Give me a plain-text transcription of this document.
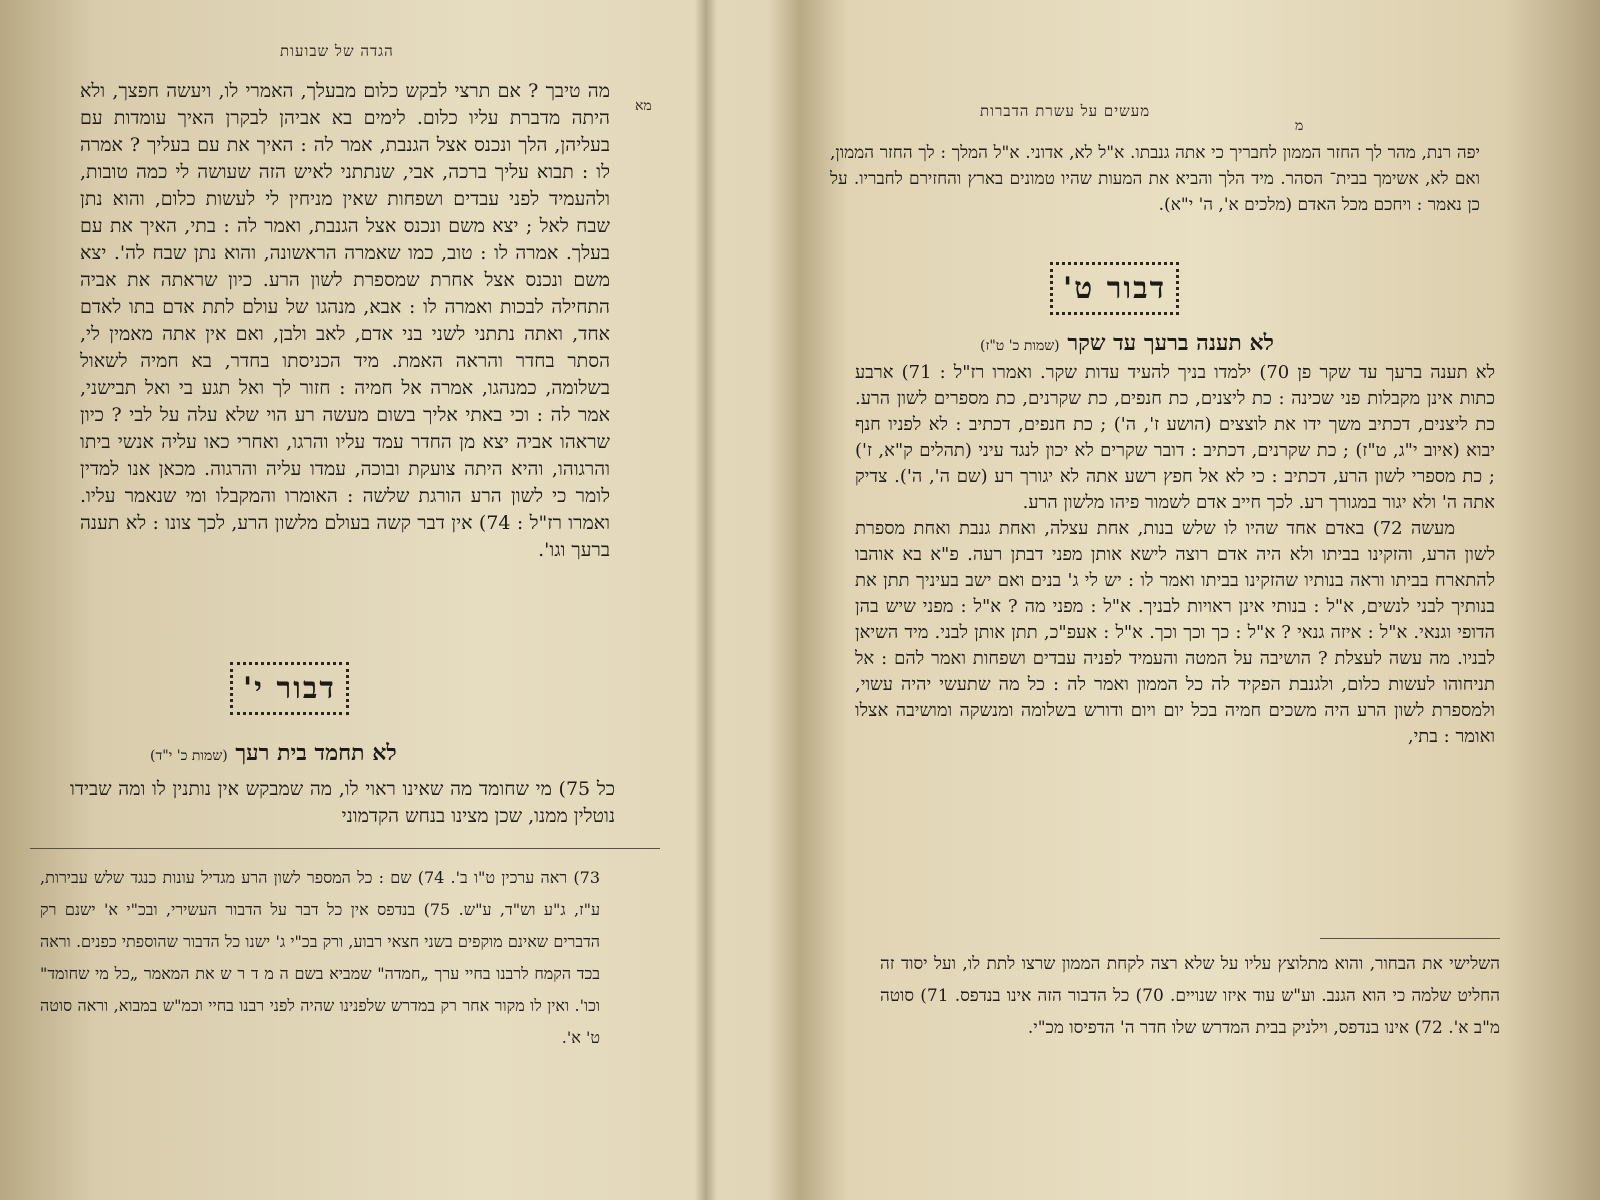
הגדה של שבועות
מא

מה טיבך ? אם תרצי לבקש כלום מבעלך, האמרי לו, ויעשה חפצך, ולא היתה מדברת עליו כלום. לימים בא אביהן לבקרן האיך עומדות עם בעליהן, הלך ונכנס אצל הגנבת, אמר לה : האיך את עם בעליך ? אמרה לו : תבוא עליך ברכה, אבי, שנתתני לאיש הזה שעושה לי כמה טובות, ולהעמיד לפני עבדים ושפחות שאין מניחין לי לעשות כלום, והוא נתן שבח לאל ; יצא משם ונכנס אצל הגנבת, ואמר לה : בתי, האיך את עם בעלך. אמרה לו : טוב, כמו שאמרה הראשונה, והוא נתן שבח לה'. יצא משם ונכנס אצל אחרת שמספרת לשון הרע. כיון שראתה את אביה התחילה לבכות ואמרה לו : אבא, מנהגו של עולם לתת אדם בתו לאדם אחד, ואתה נתתני לשני בני אדם, לאב ולבן, ואם אין אתה מאמין לי, הסתר בחדר והראה האמת. מיד הכניסתו בחדר, בא חמיה לשאול בשלומה, כמנהגו, אמרה אל חמיה : חזור לך ואל תגע בי ואל תבישני, אמר לה : וכי באתי אליך בשום מעשה רע הוי שלא עלה על לבי ? כיון שראהו אביה יצא מן החדר עמד עליו והרגו, ואחרי כאו עליה אנשי ביתו והרגוהו, והיא היתה צועקת ובוכה, עמדו עליה והרגוה. מכאן אנו למדין לומר כי לשון הרע הורגת שלשה : האומרו והמקבלו ומי שנאמר עליו. ואמרו רז"ל : 74) אין דבר קשה בעולם מלשון הרע, לכך צונו : לא תענה ברעך וגו'.

דבור י'
לא תחמד בית רעך (שמות כ' י"ד)
כל 75) מי שחומד מה שאינו ראוי לו, מה שמבקש אין נותנין לו ומה שבידו נוטלין ממנו, שכן מצינו בנחש הקדמוני

73) ראה ערכין ט"ו ב'. 74) שם : כל המספר לשון הרע מגדיל עונות כנגד שלש עבירות, ע"ז, ג"ע וש"ד, ע"ש. 75) בנדפס אין כל דבר על הדבור העשירי, ובכ"י א' ישנם רק הדברים שאינם מוקפים בשני חצאי רבוע, ורק בכ"י ג' ישנו כל הדבור שהוספתי כפנים. וראה בכד הקמח לרבנו בחיי ערך „חמדה" שמביא בשם ה מ ד ר ש את המאמר „כל מי שחומד" וכו'. ואין לו מקור אחר רק במדרש שלפנינו שהיה לפני רבנו בחיי וכמ"ש במבוא, וראה סוטה ט' א'.

מ
מעשים על עשרת הדברות
יפה רנת, מהר לך החזר הממון לחבריך כי אתה גנבתו. א"ל לא, אדוני. א"ל המלך : לך החזר הממון, ואם לא, אשימך בבית־ הסהר. מיד הלך והביא את המעות שהיו טמונים בארץ והחזירם לחבריו. על כן נאמר : ויחכם מכל האדם (מלכים א', ה' י"א).
דבור ט'
לא תענה ברעך עד שקר (שמות כ' ט"ז)

לא תענה ברעך עד שקר פן 70) ילמדו בניך להעיד עדות שקר. ואמרו רז"ל : 71) ארבע כתות אינן מקבלות פני שכינה : כת ליצנים, כת חנפים, כת שקרנים, כת מספרים לשון הרע. כת ליצנים, דכתיב משך ידו את לוצצים (הושע ז', ה') ; כת חנפים, דכתיב : לא לפניו חנף יבוא (איוב י"ג, ט"ז) ; כת שקרנים, דכתיב : דובר שקרים לא יכון לנגד עיני (תהלים ק"א, ז') ; כת מספרי לשון הרע, דכתיב : כי לא אל חפץ רשע אתה לא יגורך רע (שם ה', ה'). צדיק אתה ה' ולא יגור במגורך רע. לכך חייב אדם לשמור פיהו מלשון הרע.

מעשה 72) באדם אחד שהיו לו שלש בנות, אחת עצלה, ואחת גנבת ואחת מספרת לשון הרע, והזקינו בביתו ולא היה אדם רוצה לישא אותן מפני דבתן רעה. פ"א בא אוהבו להתארח בביתו וראה בנותיו שהזקינו בביתו ואמר לו : יש לי ג' בנים ואם ישב בעיניך תתן את בנותיך לבני לנשים, א"ל : בנותי אינן ראויות לבניך. א"ל : מפני מה ? א"ל : מפני שיש בהן הדופי וגנאי. א"ל : איזה גנאי ? א"ל : כך וכך וכך. א"ל : אעפ"כ, תתן אותן לבני. מיד השיאן לבניו. מה עשה לעצלת ? הושיבה על המטה והעמיד לפניה עבדים ושפחות ואמר להם : אל תניחוהו לעשות כלום, ולגנבת הפקיד לה כל הממון ואמר לה : כל מה שתעשי יהיה עשוי, ולמספרת לשון הרע היה משכים חמיה בכל יום ויום ודורש בשלומה ומנשקה ומושיבה אצלו ואומר : בתי,

השלישי את הבחור, והוא מתלוצץ עליו על שלא רצה לקחת הממון שרצו לתת לו, ועל יסוד זה החליט שלמה כי הוא הגנב. וע"ש עוד איזו שנויים. 70) כל הדבור הזה אינו בנדפס. 71) סוטה מ"ב א'. 72) אינו בנדפס, וילניק בבית המדרש שלו חדר ה' הדפיסו מכ"י.
